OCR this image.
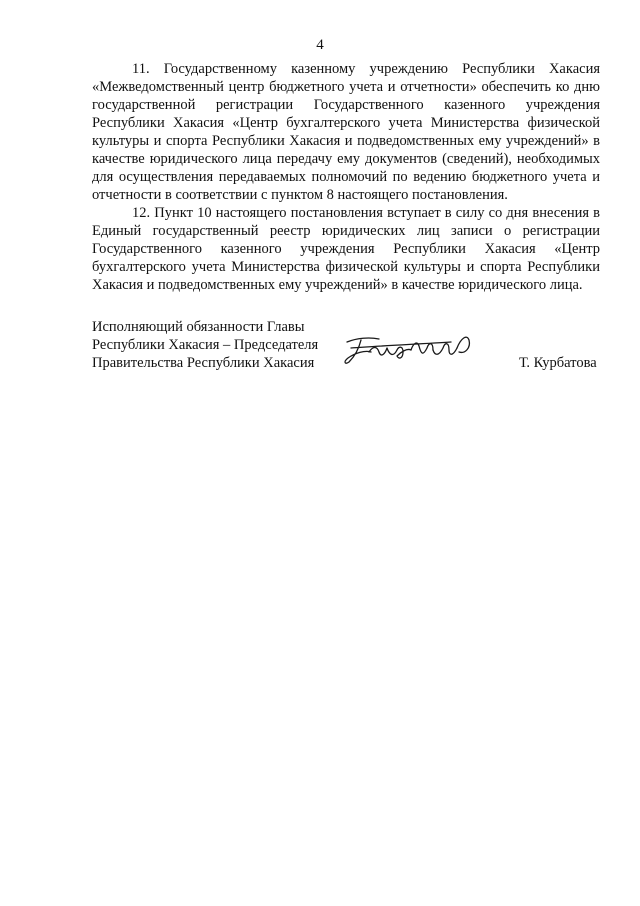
4

11. Государственному казенному учреждению Республики Хакасия «Межведомственный центр бюджетного учета и отчетности» обеспечить ко дню государственной регистрации Государственного казенного учреждения Республики Хакасия «Центр бухгалтерского учета Министерства физической культуры и спорта Республики Хакасия и подведомственных ему учреждений» в качестве юридического лица передачу ему документов (сведений), необходимых для осуществления передаваемых полномочий по ведению бюджетного учета и отчетности в соответствии с пунктом 8 настоящего постановления.

12. Пункт 10 настоящего постановления вступает в силу со дня внесения в Единый государственный реестр юридических лиц записи о регистрации Государственного казенного учреждения Республики Хакасия «Центр бухгалтерского учета Министерства физической культуры и спорта Республики Хакасия и подведомственных ему учреждений» в качестве юридического лица.

Исполняющий обязанности Главы
Республики Хакасия – Председателя
Правительства Республики Хакасия	Т. Курбатова
